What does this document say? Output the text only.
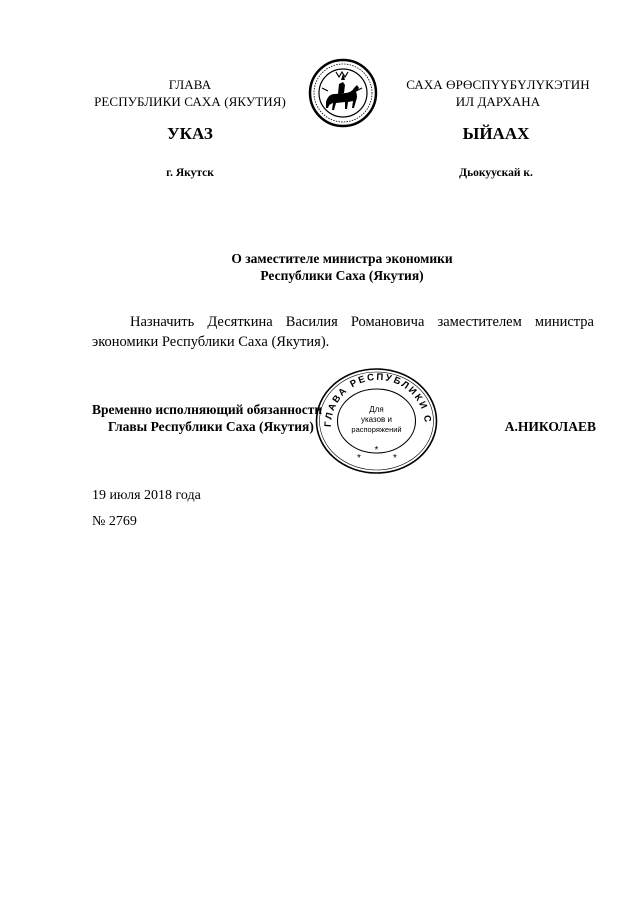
ГЛАВА
РЕСПУБЛИКИ САХА (ЯКУТИЯ)
САХА ӨРӨСПҮҮБҮЛҮКЭТИН
ИЛ ДАРХАНА
УКАЗ	ЫЙААХ
г. Якутск	Дьокуускай к.
О заместителе министра экономики
Республики Саха (Якутия)
Назначить Десяткина Василия Романовича заместителем министра экономики Республики Саха (Якутия).
ГЛАВА РЕСПУБЛИКИ С
Для
указов и
распоряжений
*	*
*
Временно исполняющий обязанности
Главы Республики Саха (Якутия)	А.НИКОЛАЕВ
19 июля 2018 года
№ 2769
